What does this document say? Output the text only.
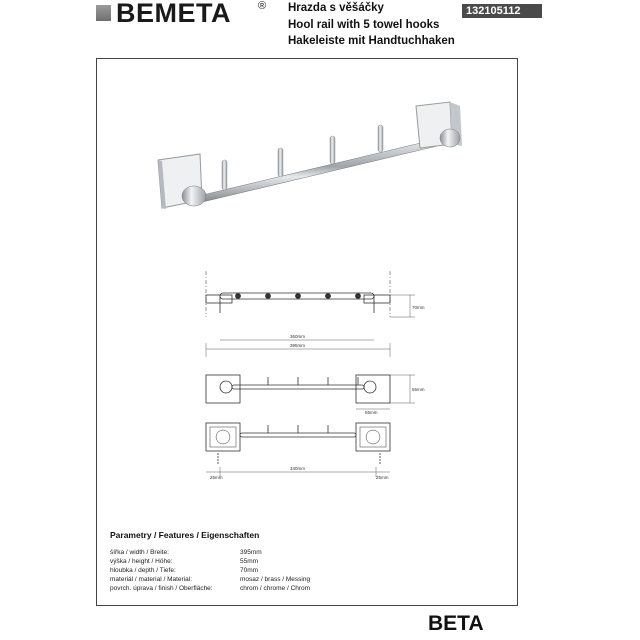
BEMETA ® Hrazda s věšáčky
Hool rail with 5 towel hooks
Hakeleiste mit Handtuchhaken
132105112
70mm
360mm
395mm
55mm
55mm
340mm
25mm	25mm
Parametry / Features / Eigenschaften
šířka / width / Breite:	395mm
výška / height / Höhe:	55mm
hloubka / depth / Tiefe:	70mm
materiál / material / Material:	mosaz / brass / Messing
povrch. úprava / finish / Oberfläche:	chrom / chrome / Chrom
BETA
